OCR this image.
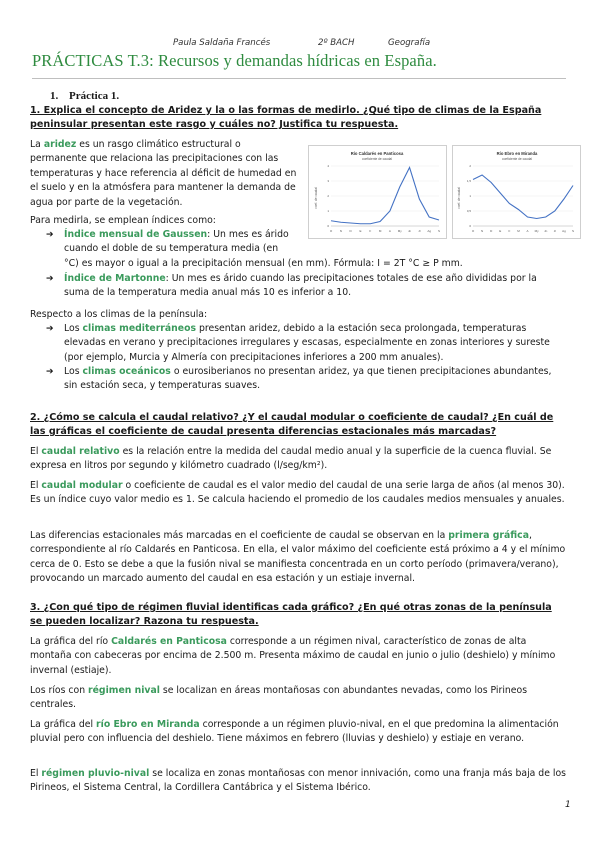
Paula Saldaña Francés	2º BACH	Geografía
PRÁCTICAS T.3: Recursos y demandas hídricas en España.
1. Práctica 1.
1. Explica el concepto de Aridez y la o las formas de medirlo. ¿Qué tipo de climas de la España peninsular presentan este rasgo y cuáles no? Justifica tu respuesta.
La aridez es un rasgo climático estructural o permanente que relaciona las precipitaciones con las temperaturas y hace referencia al déficit de humedad en el suelo y en la atmósfera para mantener la demanda de agua por parte de la vegetación.
Para medirla, se emplean índices como:
➔ Índice mensual de Gaussen: Un mes es árido cuando el doble de su temperatura media (en
°C) es mayor o igual a la precipitación mensual (en mm). Fórmula: I = 2T °C ≥ P mm.
➔ Índice de Martonne: Un mes es árido cuando las precipitaciones totales de ese año divididas por la suma de la temperatura media anual más 10 es inferior a 10.
Respecto a los climas de la península:
➔ Los climas mediterráneos presentan aridez, debido a la estación seca prolongada, temperaturas elevadas en verano y precipitaciones irregulares y escasas, especialmente en zonas interiores y sureste (por ejemplo, Murcia y Almería con precipitaciones inferiores a 200 mm anuales).
➔ Los climas oceánicos o eurosiberianos no presentan aridez, ya que tienen precipitaciones abundantes, sin estación seca, y temperaturas suaves.
Río Caldarés en Panticosa
coeficiente de caudal
coef. de caudal
0
1
2
3
4
O	N	D	E	F	M	A My Jn Jl Ag S
Río Ebro en Miranda
coeficiente de caudal
coef. de caudal
0
0,5
1
1,5
2
O N D E F M A My Jn Jl Ag S
2. ¿Cómo se calcula el caudal relativo? ¿Y el caudal modular o coeficiente de caudal? ¿En cuál de las gráficas el coeficiente de caudal presenta diferencias estacionales más marcadas?
El caudal relativo es la relación entre la medida del caudal medio anual y la superficie de la cuenca fluvial. Se expresa en litros por segundo y kilómetro cuadrado (l/seg/km²).
El caudal modular o coeficiente de caudal es el valor medio del caudal de una serie larga de años (al menos 30). Es un índice cuyo valor medio es 1. Se calcula haciendo el promedio de los caudales medios mensuales y anuales.
Las diferencias estacionales más marcadas en el coeficiente de caudal se observan en la primera gráfica, correspondiente al río Caldarés en Panticosa. En ella, el valor máximo del coeficiente está próximo a 4 y el mínimo cerca de 0. Esto se debe a que la fusión nival se manifiesta concentrada en un corto período (primavera/verano), provocando un marcado aumento del caudal en esa estación y un estiaje invernal.
3. ¿Con qué tipo de régimen fluvial identificas cada gráfico? ¿En qué otras zonas de la península se pueden localizar? Razona tu respuesta.
La gráfica del río Caldarés en Panticosa corresponde a un régimen nival, característico de zonas de alta montaña con cabeceras por encima de 2.500 m. Presenta máximo de caudal en junio o julio (deshielo) y mínimo invernal (estiaje).
Los ríos con régimen nival se localizan en áreas montañosas con abundantes nevadas, como los Pirineos centrales.
La gráfica del río Ebro en Miranda corresponde a un régimen pluvio-nival, en el que predomina la alimentación pluvial pero con influencia del deshielo. Tiene máximos en febrero (lluvias y deshielo) y estiaje en verano.
El régimen pluvio-nival se localiza en zonas montañosas con menor innivación, como una franja más baja de los Pirineos, el Sistema Central, la Cordillera Cantábrica y el Sistema Ibérico.
1
